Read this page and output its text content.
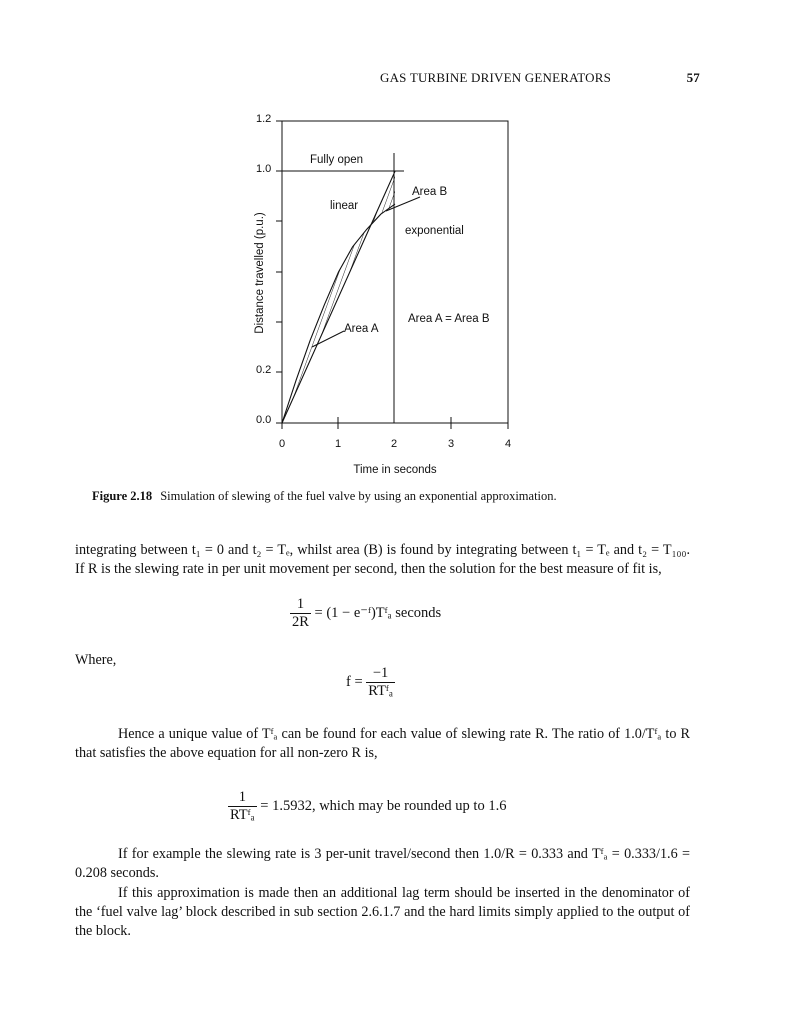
GAS TURBINE DRIVEN GENERATORS	57
1.2
1.0
0.2
0.0
0	1	2	3	4
Time in seconds
Distance travelled (p.u.)
Fully open
linear
Area B
exponential
Area A = Area B
Area A
Figure 2.18 Simulation of slewing of the fuel valve by using an exponential approximation.
integrating between t₁ = 0 and t₂ = Tₑ, whilst area (B) is found by integrating between t₁ = Tₑ and t₂ = T₁₀₀. If R is the slewing rate in per unit movement per second, then the solution for the best measure of fit is,
$\frac{1}{2R} = (1$ − e⁻ᶠ)Tᶠₐ seconds
Where,
$f = \frac{-1}{\text{RTᶠₐ}}$
Hence a unique value of Tᶠₐ can be found for each value of slewing rate R. The ratio of 1.0/Tᶠₐ to R that satisfies the above equation for all non-zero R is,
$\frac{1}{\text{RTᶠₐ}} = 1.5932$, which may be rounded up to 1.6
If for example the slewing rate is 3 per-unit travel/second then 1.0/R = 0.333 and Tᶠₐ = 0.333/1.6 = 0.208 seconds.
If this approximation is made then an additional lag term should be inserted in the denominator of the ‘fuel valve lag’ block described in sub section 2.6.1.7 and the hard limits simply applied to the output of the block.
